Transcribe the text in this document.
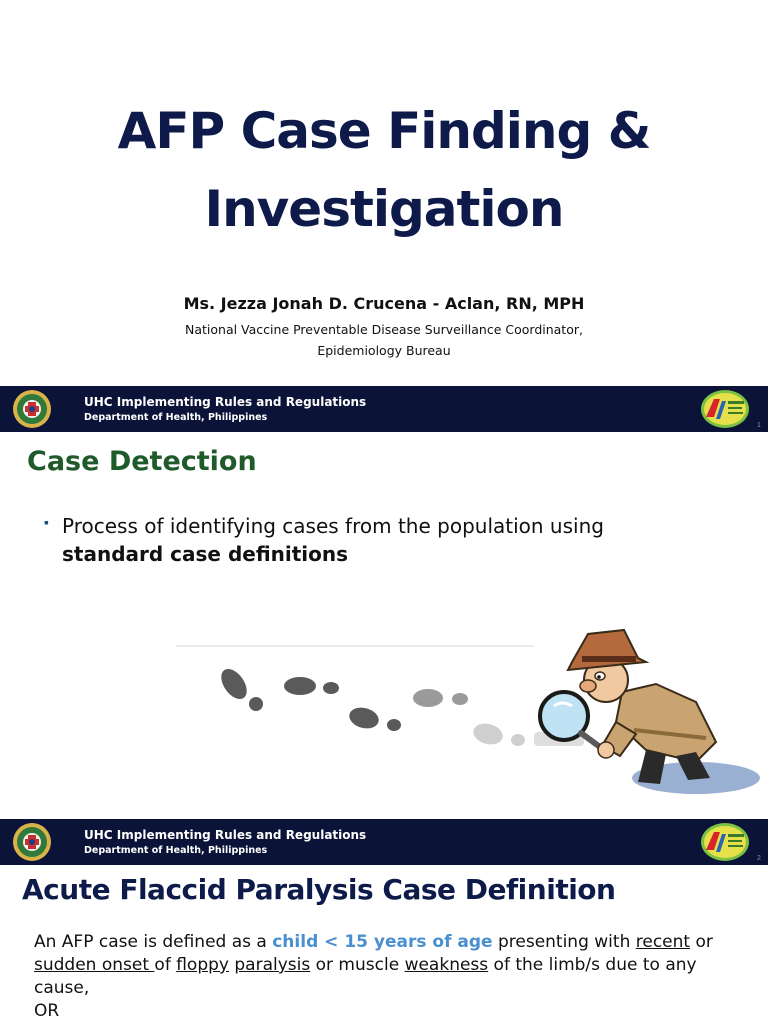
AFP Case Finding &
Investigation
Ms. Jezza Jonah D. Crucena - Aclan, RN, MPH
National Vaccine Preventable Disease Surveillance Coordinator,
Epidemiology Bureau
UHC Implementing Rules and Regulations
Department of Health, Philippines
1
Case Detection
▪ Process of identifying cases from the population using standard case definitions
UHC Implementing Rules and Regulations
Department of Health, Philippines
2
Acute Flaccid Paralysis Case Definition
An AFP case is defined as a child < 15 years of age presenting with recent or sudden onset of floppy paralysis or muscle weakness of the limb/s due to any cause,
OR
